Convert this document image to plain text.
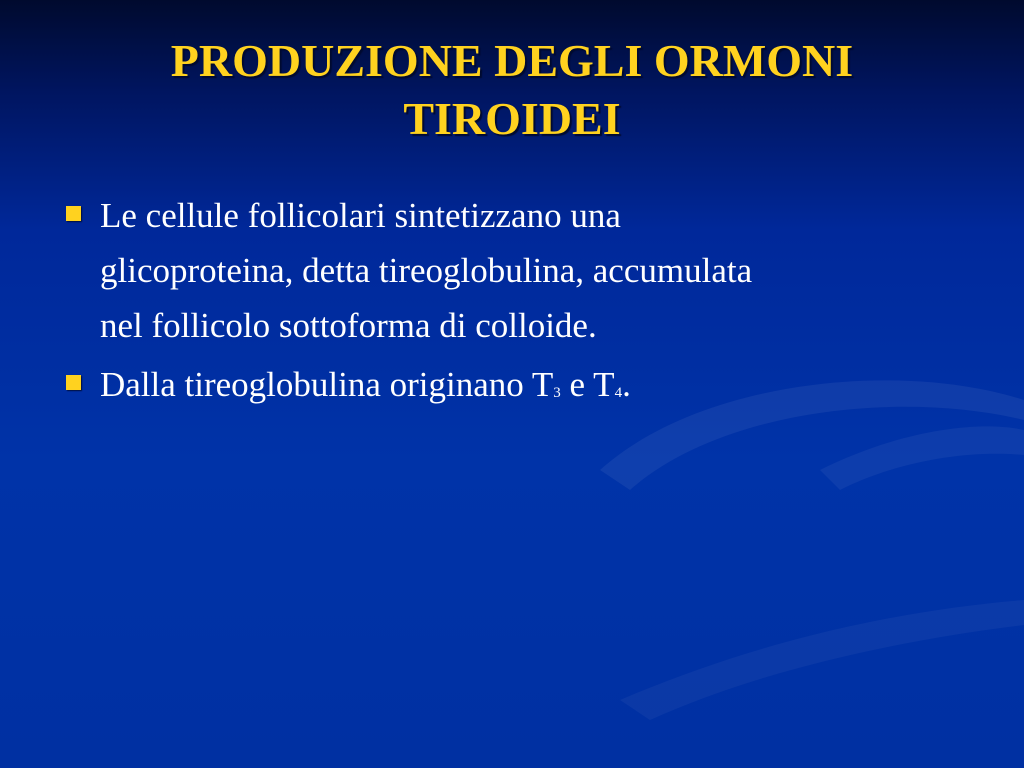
PRODUZIONE DEGLI ORMONI
TIROIDEI
Le cellule follicolari sintetizzano una
glicoproteina, detta tireoglobulina, accumulata
nel follicolo sottoforma di colloide.
Dalla tireoglobulina originano $T_3$ e $T_4$.
